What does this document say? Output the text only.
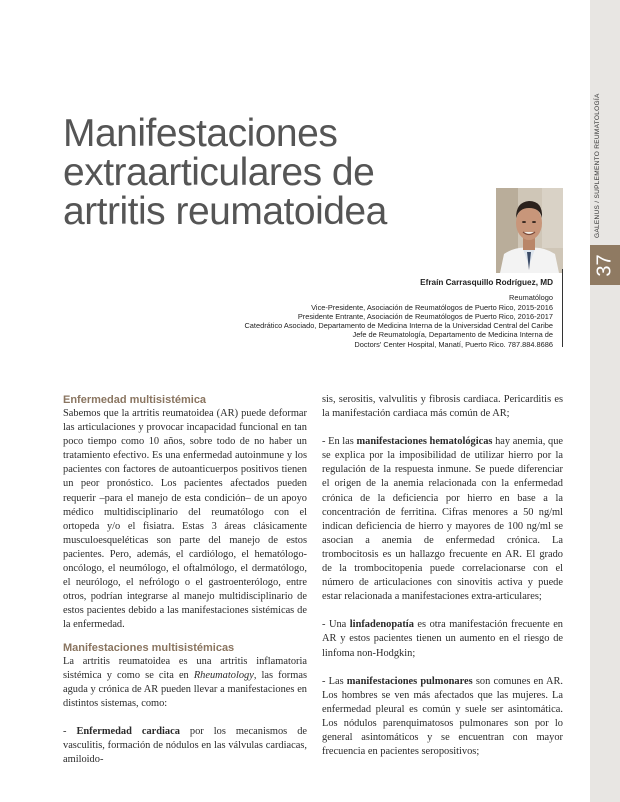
GALENUS / SUPLEMENTO REUMATOLOGÍA
37
Manifestaciones
extraarticulares de
artritis reumatoidea
Efraín Carrasquillo Rodríguez, MD
Reumatólogo
Vice-Presidente, Asociación de Reumatólogos de Puerto Rico, 2015-2016
Presidente Entrante, Asociación de Reumatólogos de Puerto Rico, 2016-2017
Catedrático Asociado, Departamento de Medicina Interna de la Universidad Central del Caribe
Jefe de Reumatología, Departamento de Medicina Interna de
Doctors' Center Hospital, Manatí, Puerto Rico. 787.884.8686

Enfermedad multisistémica

Sabemos que la artritis reumatoidea (AR) puede deformar las articulaciones y provocar incapacidad funcional en tan poco tiempo como 10 años, sobre todo de no haber un tratamiento efectivo. Es una enfermedad autoinmune y los pacientes con factores de autoanticuerpos positivos tienen un peor pronóstico. Los pacientes afectados pueden requerir –para el manejo de esta condición– de un apoyo médico multidisciplinario del reumatólogo con el ortopeda y/o el fisiatra. Estas 3 áreas clásicamente musculoesqueléticas son parte del manejo de estos pacientes. Pero, además, el cardiólogo, el hematólogo-oncólogo, el neumólogo, el oftalmólogo, el dermatólogo, el neurólogo, el nefrólogo o el gastroenterólogo, entre otros, podrían integrarse al manejo multidisciplinario de estos pacientes debido a las manifestaciones sistémicas de la enfermedad.

Manifestaciones multisistémicas

La artritis reumatoidea es una artritis inflamatoria sistémica y como se cita en Rheumatology, las formas aguda y crónica de AR pueden llevar a manifestaciones en distintos sistemas, como:

- Enfermedad cardiaca por los mecanismos de vasculitis, formación de nódulos en las válvulas cardiacas, amiloido-

sis, serositis, valvulitis y fibrosis cardiaca. Pericarditis es la manifestación cardiaca más común de AR;

- En las manifestaciones hematológicas hay anemia, que se explica por la imposibilidad de utilizar hierro por la regulación de la respuesta inmune. Se puede diferenciar el origen de la anemia relacionada con la enfermedad crónica de la deficiencia por hierro en base a la concentración de ferritina. Cifras menores a 50 ng/ml indican deficiencia de hierro y mayores de 100 ng/ml se asocian a anemia de enfermedad crónica. La trombocitosis es un hallazgo frecuente en AR. El grado de la trombocitopenia puede correlacionarse con el número de articulaciones con sinovitis activa y puede estar relacionada a manifestaciones extra-articulares;

- Una linfadenopatía es otra manifestación frecuente en AR y estos pacientes tienen un aumento en el riesgo de linfoma non-Hodgkin;

- Las manifestaciones pulmonares son comunes en AR. Los hombres se ven más afectados que las mujeres. La enfermedad pleural es común y suele ser asintomática. Los nódulos parenquimatosos pulmonares son por lo general asintomáticos y se encuentran con mayor frecuencia en pacientes seropositivos;
